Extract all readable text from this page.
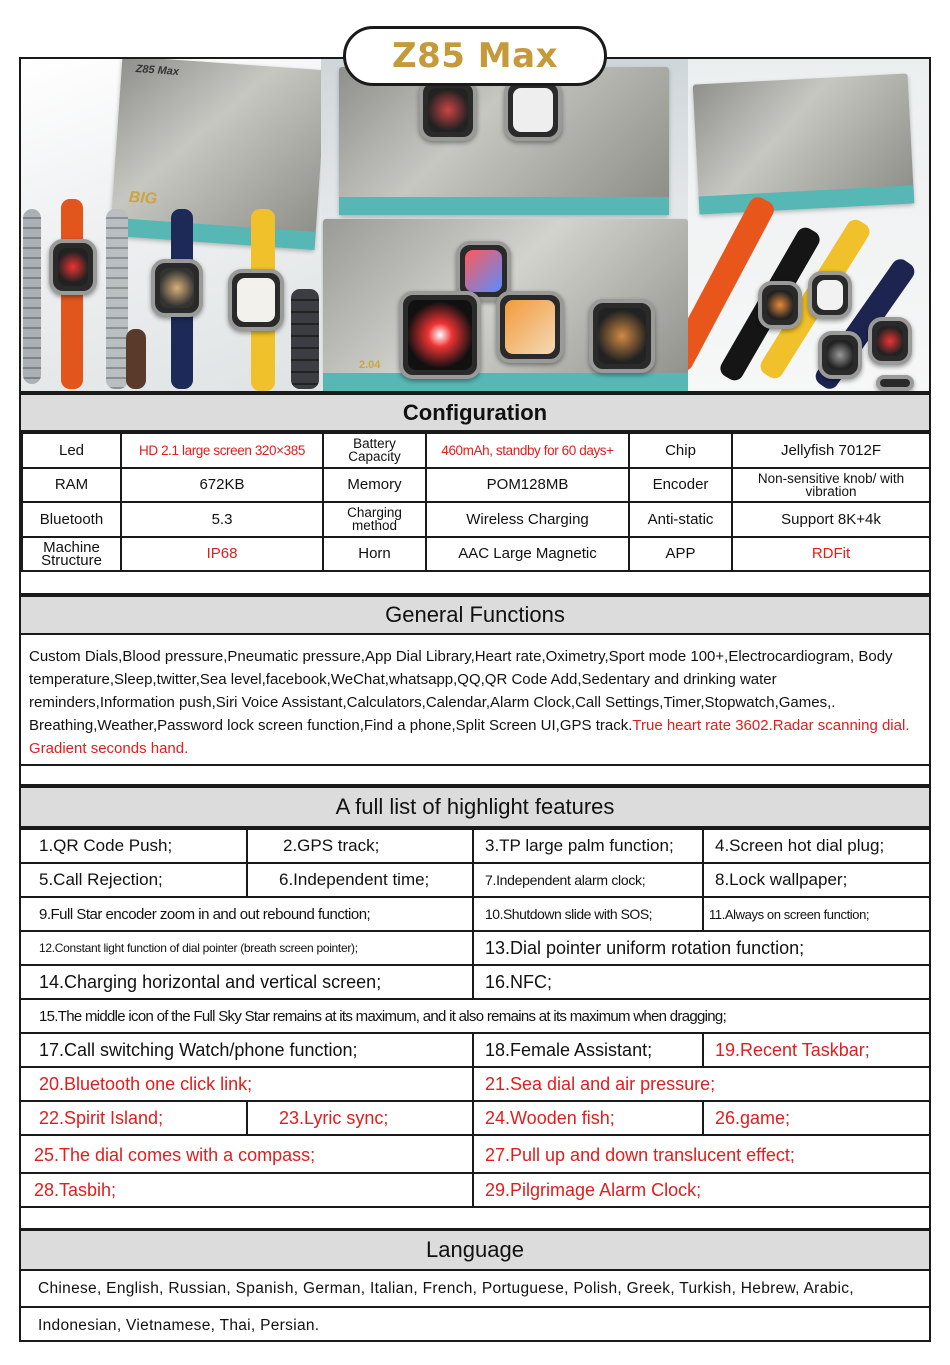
Z85 Max
Z85 Max
BIG
2.04
Configuration
Led	HD 2.1 large screen 320×385	Battery Capacity	460mAh, standby for 60 days+	Chip	Jellyfish 7012F
RAM	672KB	Memory	POM128MB	Encoder	Non-sensitive knob/ with vibration
Bluetooth	5.3	Charging method	Wireless Charging	Anti-static	Support 8K+4k
Machine Structure	IP68	Horn	AAC Large Magnetic	APP	RDFit
General Functions
Custom Dials,Blood pressure,Pneumatic pressure,App Dial Library,Heart rate,Oximetry,Sport mode 100+,Electrocardiogram, Body temperature,Sleep,twitter,Sea level,facebook,WeChat,whatsapp,QQ,QR Code Add,Sedentary and drinking water reminders,Information push,Siri Voice Assistant,Calculators,Calendar,Alarm Clock,Call Settings,Timer,Stopwatch,Games,. Breathing,Weather,Password lock screen function,Find a phone,Split Screen UI,GPS track.True heart rate 3602.Radar scanning dial. Gradient seconds hand.
A full list of highlight features
1.QR Code Push;	2.GPS track;	3.TP large palm function; 4.Screen hot dial plug;
5.Call Rejection;	6.Independent time;	7.Independent alarm clock;	8.Lock wallpaper;
9.Full Star encoder zoom in and out rebound function;	10.Shutdown slide with SOS;	11.Always on screen function;
12.Constant light function of dial pointer (breath screen pointer);	13.Dial pointer uniform rotation function;
14.Charging horizontal and vertical screen;	16.NFC;
15.The middle icon of the Full Sky Star remains at its maximum, and it also remains at its maximum when dragging;
17.Call switching Watch/phone function;	18.Female Assistant;	19.Recent Taskbar;
20.Bluetooth one click link;	21.Sea dial and air pressure;
22.Spirit Island;	23.Lyric sync;	24.Wooden fish;	26.game;
25.The dial comes with a compass;	27.Pull up and down translucent effect;
28.Tasbih;	29.Pilgrimage Alarm Clock;
Language
Chinese, English, Russian, Spanish, German, Italian, French, Portuguese, Polish, Greek, Turkish, Hebrew, Arabic,
Indonesian, Vietnamese, Thai, Persian.
